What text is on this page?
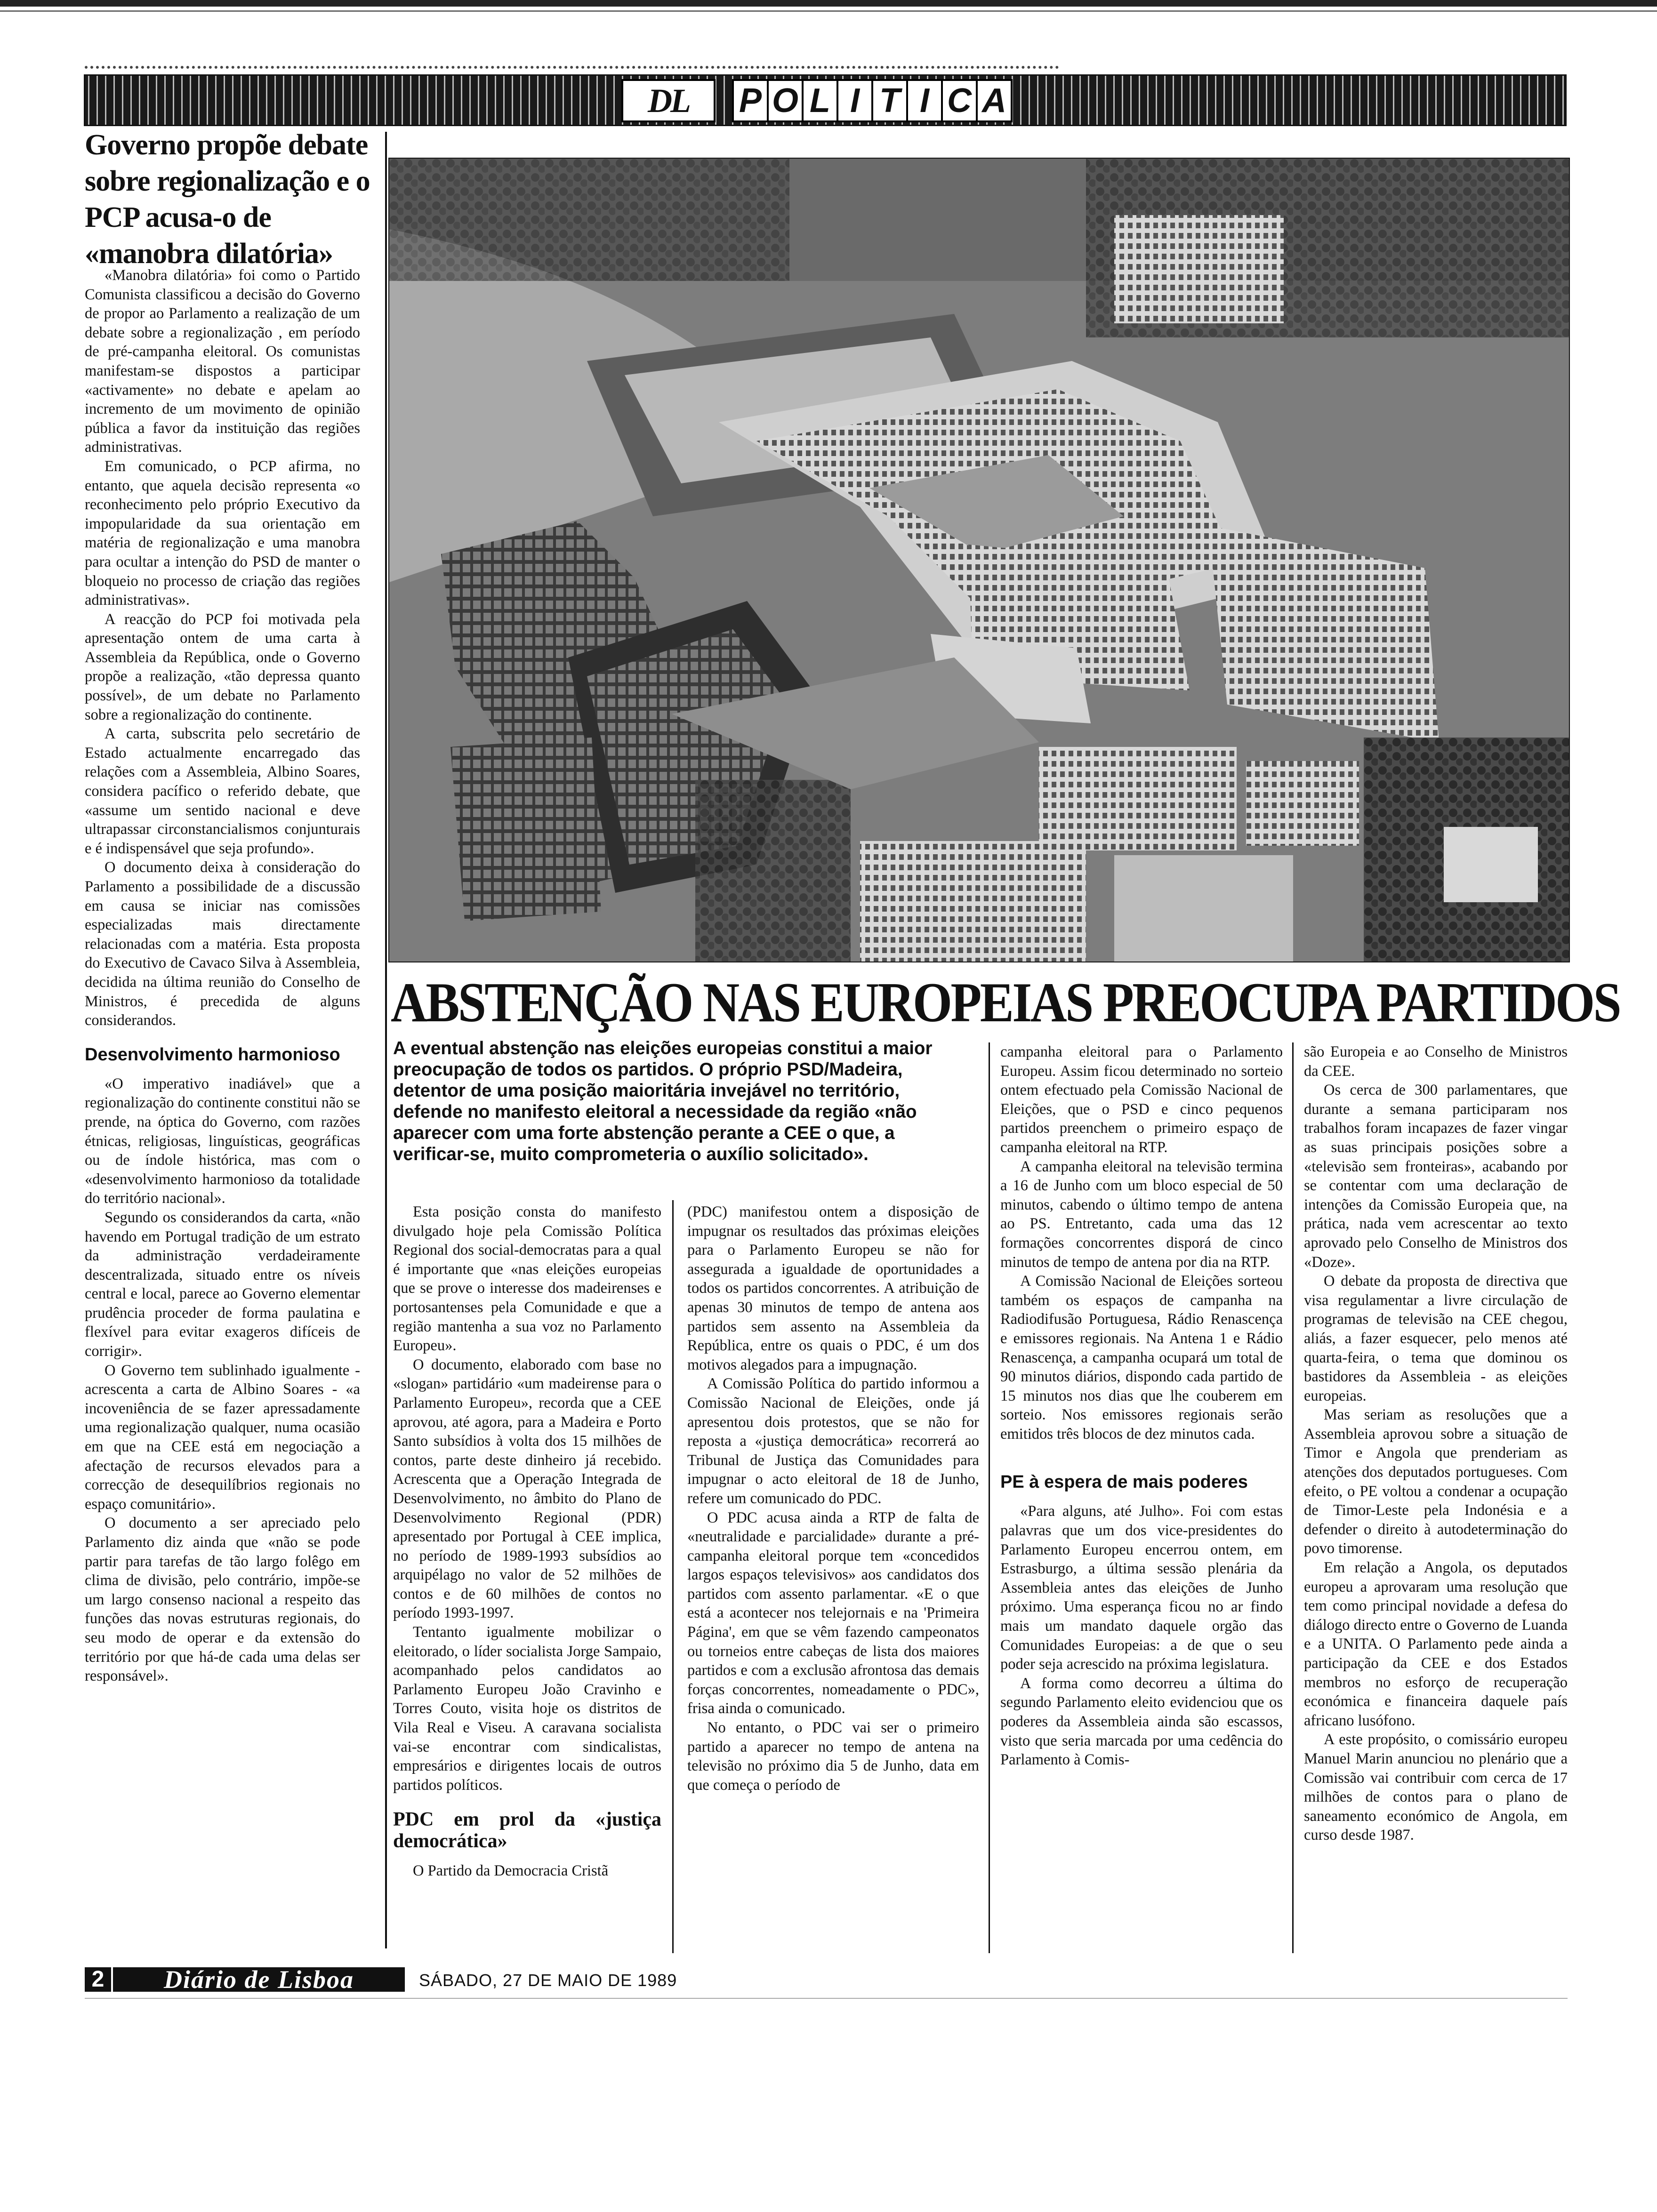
DL	P O L I T I C A
Governo propõe debate sobre regionalização e o PCP acusa-o de «manobra dilatória»

«Manobra dilatória» foi como o Partido Comunista classificou a decisão do Governo de propor ao Parlamento a realização de um debate sobre a regionalização , em período de pré-campanha eleitoral. Os comunistas manifestam-se dispostos a participar «activamente» no debate e apelam ao incremento de um movimento de opinião pública a favor da instituição das regiões administrativas.

Em comunicado, o PCP afirma, no entanto, que aquela decisão representa «o reconhecimento pelo próprio Executivo da impopularidade da sua orientação em matéria de regionalização e uma manobra para ocultar a intenção do PSD de manter o bloqueio no processo de criação das regiões administrativas».

A reacção do PCP foi motivada pela apresentação ontem de uma carta à Assembleia da República, onde o Governo propõe a realização, «tão depressa quanto possível», de um debate no Parlamento sobre a regionalização do continente.

A carta, subscrita pelo secretário de Estado actualmente encarregado das relações com a Assembleia, Albino Soares, considera pacífico o referido debate, que «assume um sentido nacional e deve ultrapassar circonstancialismos conjunturais e é indispensável que seja profundo».

O documento deixa à consideração do Parlamento a possibilidade de a discussão em causa se iniciar nas comissões especializadas mais directamente relacionadas com a matéria. Esta proposta do Executivo de Cavaco Silva à Assembleia, decidida na última reunião do Conselho de Ministros, é precedida de alguns considerandos.

Desenvolvimento harmonioso

«O imperativo inadiável» que a regionalização do continente constitui não se prende, na óptica do Governo, com razões étnicas, religiosas, linguísticas, geográficas ou de índole histórica, mas com o «desenvolvimento harmonioso da totalidade do território nacional».

Segundo os considerandos da carta, «não havendo em Portugal tradição de um estrato da administração verdadeiramente descentralizada, situado entre os níveis central e local, parece ao Governo elementar prudência proceder de forma paulatina e flexível para evitar exageros difíceis de corrigir».

O Governo tem sublinhado igualmente - acrescenta a carta de Albino Soares - «a incoveniência de se fazer apressadamente uma regionalização qualquer, numa ocasião em que na CEE está em negociação a afectação de recursos elevados para a correcção de desequilíbrios regionais no espaço comunitário».

O documento a ser apreciado pelo Parlamento diz ainda que «não se pode partir para tarefas de tão largo folêgo em clima de divisão, pelo contrário, impõe-se um largo consenso nacional a respeito das funções das novas estruturas regionais, do seu modo de operar e da extensão do território por que há-de cada uma delas ser responsável».

ABSTENÇÃO NAS EUROPEIAS PREOCUPA PARTIDOS
A eventual abstenção nas eleições europeias constitui a maior preocupação de todos os partidos. O próprio PSD/Madeira, detentor de uma posição maioritária invejável no território, defende no manifesto eleitoral a necessidade da região «não aparecer com uma forte abstenção perante a CEE o que, a verificar-se, muito comprometeria o auxílio solicitado».

Esta posição consta do manifesto divulgado hoje pela Comissão Política Regional dos social-democratas para a qual é importante que «nas eleições europeias que se prove o interesse dos madeirenses e portosantenses pela Comunidade e que a região mantenha a sua voz no Parlamento Europeu».

O documento, elaborado com base no «slogan» partidário «um madeirense para o Parlamento Europeu», recorda que a CEE aprovou, até agora, para a Madeira e Porto Santo subsídios à volta dos 15 milhões de contos, parte deste dinheiro já recebido. Acrescenta que a Operação Integrada de Desenvolvimento, no âmbito do Plano de Desenvolvimento Regional (PDR) apresentado por Portugal à CEE implica, no período de 1989-1993 subsídios ao arquipélago no valor de 52 milhões de contos e de 60 milhões de contos no período 1993-1997.

Tentanto igualmente mobilizar o eleitorado, o líder socialista Jorge Sampaio, acompanhado pelos candidatos ao Parlamento Europeu João Cravinho e Torres Couto, visita hoje os distritos de Vila Real e Viseu. A caravana socialista vai-se encontrar com sindicalistas, empresários e dirigentes locais de outros partidos políticos.

PDC em prol da «justiça democrática»

O Partido da Democracia Cristã

(PDC) manifestou ontem a disposição de impugnar os resultados das próximas eleições para o Parlamento Europeu se não for assegurada a igualdade de oportunidades a todos os partidos concorrentes. A atribuição de apenas 30 minutos de tempo de antena aos partidos sem assento na Assembleia da República, entre os quais o PDC, é um dos motivos alegados para a impugnação.

A Comissão Política do partido informou a Comissão Nacional de Eleições, onde já apresentou dois protestos, que se não for reposta a «justiça democrática» recorrerá ao Tribunal de Justiça das Comunidades para impugnar o acto eleitoral de 18 de Junho, refere um comunicado do PDC.

O PDC acusa ainda a RTP de falta de «neutralidade e parcialidade» durante a pré-campanha eleitoral porque tem «concedidos largos espaços televisivos» aos candidatos dos partidos com assento parlamentar. «E o que está a acontecer nos telejornais e na 'Primeira Página', em que se vêm fazendo campeonatos ou torneios entre cabeças de lista dos maiores partidos e com a exclusão afrontosa das demais forças concorrentes, nomeadamente o PDC», frisa ainda o comunicado.

No entanto, o PDC vai ser o primeiro partido a aparecer no tempo de antena na televisão no próximo dia 5 de Junho, data em que começa o período de

campanha eleitoral para o Parlamento Europeu. Assim ficou determinado no sorteio ontem efectuado pela Comissão Nacional de Eleições, que o PSD e cinco pequenos partidos preenchem o primeiro espaço de campanha eleitoral na RTP.

A campanha eleitoral na televisão termina a 16 de Junho com um bloco especial de 50 minutos, cabendo o último tempo de antena ao PS. Entretanto, cada uma das 12 formações concorrentes disporá de cinco minutos de tempo de antena por dia na RTP.

A Comissão Nacional de Eleições sorteou também os espaços de campanha na Radiodifusão Portuguesa, Rádio Renascença e emissores regionais. Na Antena 1 e Rádio Renascença, a campanha ocupará um total de 90 minutos diários, dispondo cada partido de 15 minutos nos dias que lhe couberem em sorteio. Nos emissores regionais serão emitidos três blocos de dez minutos cada.

PE à espera de mais poderes

«Para alguns, até Julho». Foi com estas palavras que um dos vice-presidentes do Parlamento Europeu encerrou ontem, em Estrasburgo, a última sessão plenária da Assembleia antes das eleições de Junho próximo. Uma esperança ficou no ar findo mais um mandato daquele orgão das Comunidades Europeias: a de que o seu poder seja acrescido na próxima legislatura.

A forma como decorreu a última do segundo Parlamento eleito evidenciou que os poderes da Assembleia ainda são escassos, visto que seria marcada por uma cedência do Parlamento à Comis-

são Europeia e ao Conselho de Ministros da CEE.

Os cerca de 300 parlamentares, que durante a semana participaram nos trabalhos foram incapazes de fazer vingar as suas principais posições sobre a «televisão sem fronteiras», acabando por se contentar com uma declaração de intenções da Comissão Europeia que, na prática, nada vem acrescentar ao texto aprovado pelo Conselho de Ministros dos «Doze».

O debate da proposta de directiva que visa regulamentar a livre circulação de programas de televisão na CEE chegou, aliás, a fazer esquecer, pelo menos até quarta-feira, o tema que dominou os bastidores da Assembleia - as eleições europeias.

Mas seriam as resoluções que a Assembleia aprovou sobre a situação de Timor e Angola que prenderiam as atenções dos deputados portugueses. Com efeito, o PE voltou a condenar a ocupação de Timor-Leste pela Indonésia e a defender o direito à autodeterminação do povo timorense.

Em relação a Angola, os deputados europeu a aprovaram uma resolução que tem como principal novidade a defesa do diálogo directo entre o Governo de Luanda e a UNITA. O Parlamento pede ainda a participação da CEE e dos Estados membros no esforço de recuperação económica e financeira daquele país africano lusófono.

A este propósito, o comissário europeu Manuel Marin anunciou no plenário que a Comissão vai contribuir com cerca de 17 milhões de contos para o plano de saneamento económico de Angola, em curso desde 1987.

2	Diário de Lisboa	SÁBADO, 27 DE MAIO DE 1989
